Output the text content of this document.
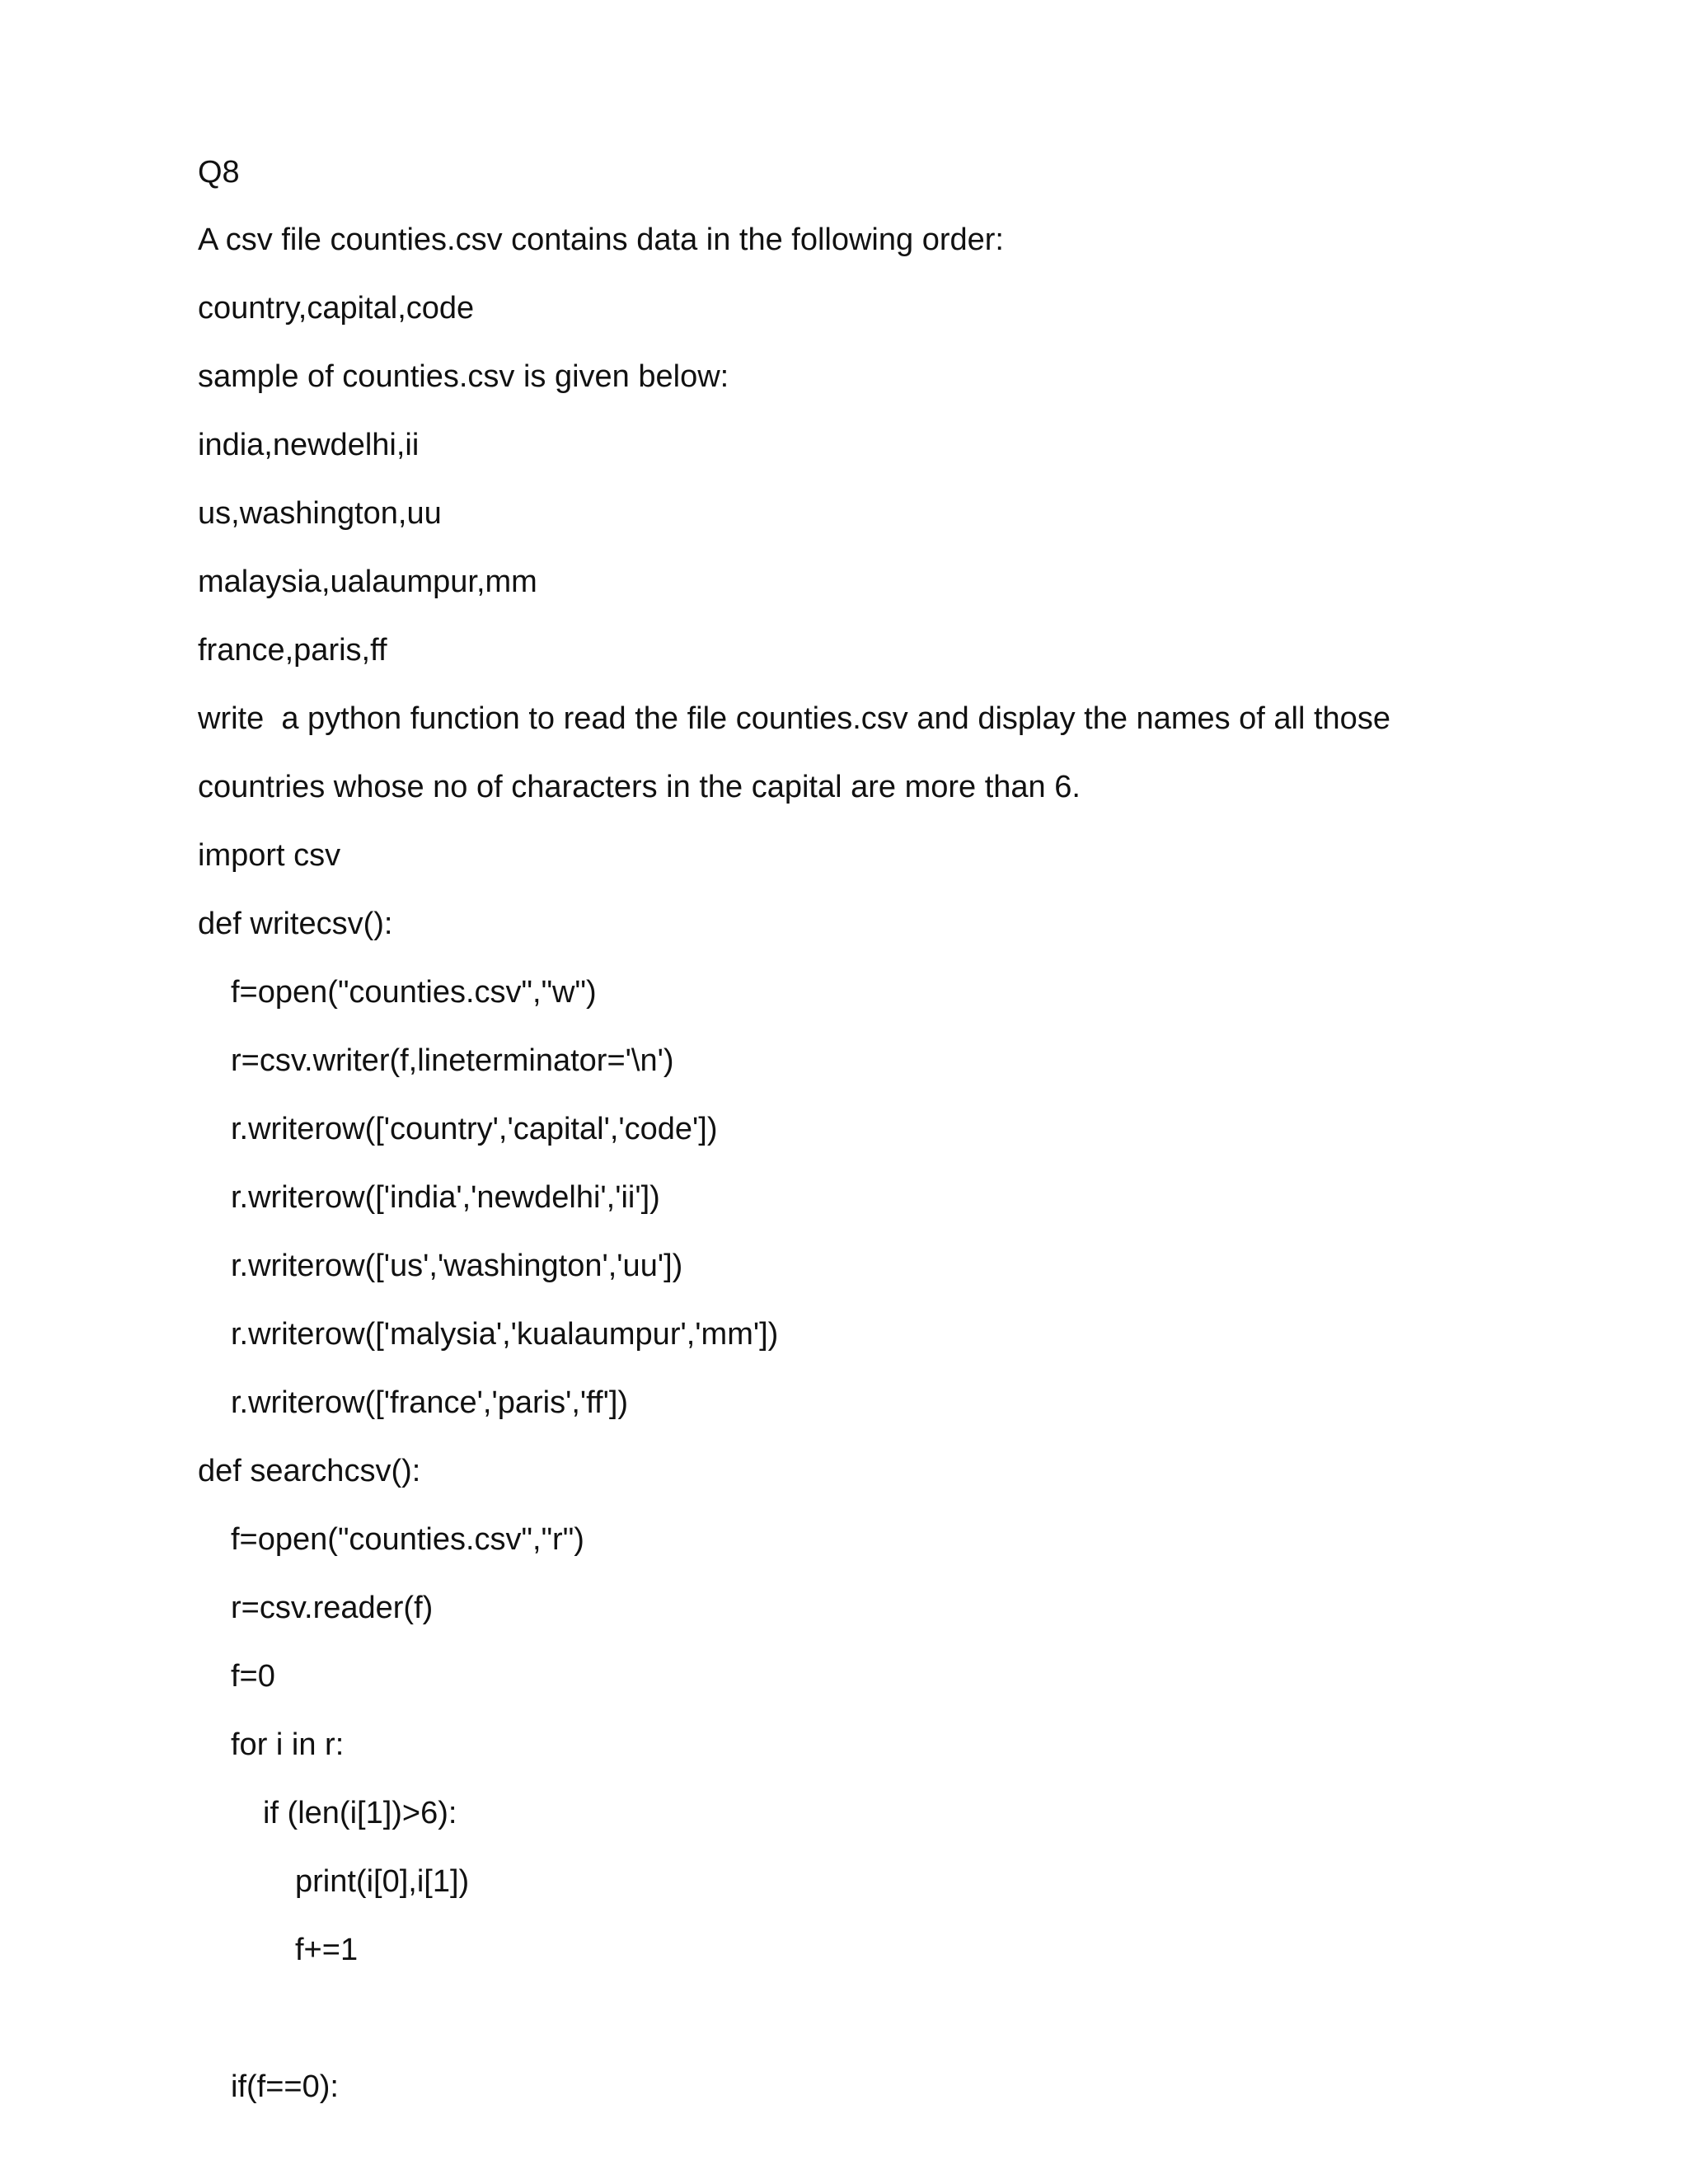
Q8
A csv file counties.csv contains data in the following order:
country,capital,code
sample of counties.csv is given below:
india,newdelhi,ii
us,washington,uu
malaysia,ualaumpur,mm
france,paris,ff
write  a python function to read the file counties.csv and display the names of all those
countries whose no of characters in the capital are more than 6.
import csv
def writecsv():
f=open("counties.csv","w")
r=csv.writer(f,lineterminator='\n')
r.writerow(['country','capital','code'])
r.writerow(['india','newdelhi','ii'])
r.writerow(['us','washington','uu'])
r.writerow(['malysia','kualaumpur','mm'])
r.writerow(['france','paris','ff'])
def searchcsv():
f=open("counties.csv","r")
r=csv.reader(f)
f=0
for i in r:
if (len(i[1])>6):
print(i[0],i[1])
f+=1
if(f==0):
